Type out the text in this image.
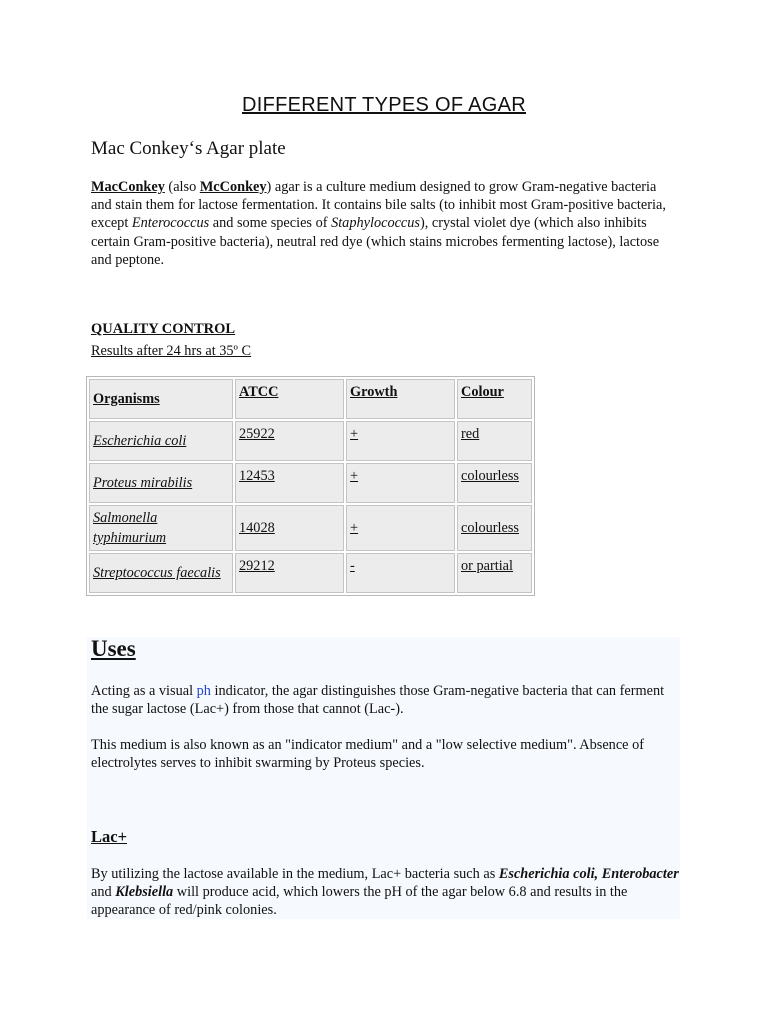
DIFFERENT TYPES OF AGAR
Mac Conkey‘s Agar plate

MacConkey (also McConkey) agar is a culture medium designed to grow Gram-negative bacteria and stain them for lactose fermentation. It contains bile salts (to inhibit most Gram-positive bacteria, except Enterococcus and some species of Staphylococcus), crystal violet dye (which also inhibits certain Gram-positive bacteria), neutral red dye (which stains microbes fermenting lactose), lactose and peptone.

QUALITY CONTROL

Results after 24 hrs at 35º C

Organisms	ATCC	Growth	Colour
Escherichia coli	25922	+	red
Proteus mirabilis	12453	+	colourless
Salmonella typhimurium	14028	+	colourless
Streptococcus faecalis	29212	-	or partial
Uses

Acting as a visual ph indicator, the agar distinguishes those Gram-negative bacteria that can ferment the sugar lactose (Lac+) from those that cannot (Lac-).

This medium is also known as an "indicator medium" and a "low selective medium". Absence of electrolytes serves to inhibit swarming by Proteus species.

Lac+

By utilizing the lactose available in the medium, Lac+ bacteria such as Escherichia coli, Enterobacter and Klebsiella will produce acid, which lowers the pH of the agar below 6.8 and results in the appearance of red/pink colonies.
